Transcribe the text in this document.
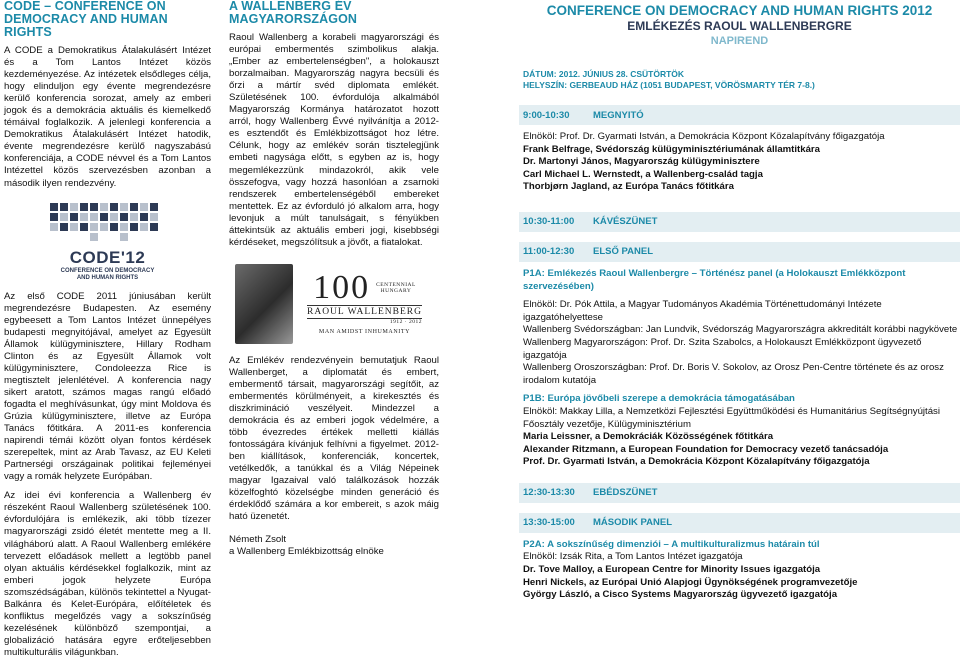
CODE – CONFERENCE ON
DEMOCRACY AND HUMAN RIGHTS

A CODE a Demokratikus Átalakulásért Intézet és a Tom Lantos Intézet közös kezdeményezése. Az intézetek elsődleges célja, hogy elinduljon egy évente megrendezésre kerülő konferencia sorozat, amely az emberi jogok és a demokrácia aktuális és kiemelkedő témáival foglalkozik. A jelenlegi konferencia a Demokratikus Átalakulásért Intézet hatodik, évente megrendezésre kerülő nagyszabású konferenciája, a CODE névvel és a Tom Lantos Intézettel közös szervezésben azonban a második ilyen rendezvény.

CODE'12
CONFERENCE ON DEMOCRACY
AND HUMAN RIGHTS

Az első CODE 2011 júniusában került megrendezésre Budapesten. Az esemény egybeesett a Tom Lantos Intézet ünnepélyes budapesti megnyitójával, amelyet az Egyesült Államok külügyminisztere, Hillary Rodham Clinton és az Egyesült Államok volt külügyminisztere, Condoleezza Rice is megtisztelt jelenlétével. A konferencia nagy sikert aratott, számos magas rangú előadó fogadta el meghívásunkat, úgy mint Moldova és Grúzia külügyminisztere, illetve az Európa Tanács főtitkára. A 2011-es konferencia napirendi témái között olyan fontos kérdések szerepeltek, mint az Arab Tavasz, az EU Keleti Partnerségi országainak politikai fejleményei vagy a romák helyzete Európában.

Az idei évi konferencia a Wallenberg év részeként Raoul Wallenberg születésének 100. évfordulójára is emlékezik, aki több tízezer magyarországi zsidó életét mentette meg a II. világháború alatt. A Raoul Wallenberg emlékére tervezett előadások mellett a legtöbb panel olyan aktuális kérdésekkel foglalkozik, mint az emberi jogok helyzete Európa szomszédságában, különös tekintettel a Nyugat-Balkánra és Kelet-Európára, előítéletek és konfliktus megelőzés vagy a sokszínűség kezelésének különböző szempontjai, a globalizáció hatására egyre erőteljesebben multikulturális világunkban.

A WALLENBERG ÉV
MAGYARORSZÁGON

Raoul Wallenberg a korabeli magyarországi és európai embermentés szimbolikus alakja. „Ember az embertelenségben", a holokauszt borzalmaiban. Magyarország nagyra becsüli és őrzi a mártír svéd diplomata emlékét. Születésének 100. évfordulója alkalmából Magyarország Kormánya határozatot hozott arról, hogy Wallenberg Évvé nyilvánítja a 2012-es esztendőt és Emlékbizottságot hoz létre. Célunk, hogy az emlékév során tisztelegjünk embeti nagysága előtt, s egyben az is, hogy megemlékezzünk mindazokról, akik vele összefogva, vagy hozzá hasonlóan a zsarnoki rendszerek embertelenségéből embereket mentettek. Ez az évforduló jó alkalom arra, hogy levonjuk a múlt tanulságait, s fényükben áttekintsük az aktuális emberi jogi, kisebbségi kérdéseket, megszólítsuk a jövőt, a fiatalokat.

100 CENTENNIAL
HUNGARY
RAOUL WALLENBERG
1912 · 2012
MAN AMIDST INHUMANITY

Az Emlékév rendezvényein bemutatjuk Raoul Wallenberget, a diplomatát és embert, embermentő társait, magyarországi segítőit, az embermentés körülményeit, a kirekesztés és diszkrimináció veszélyeit. Mindezzel a demokrácia és az emberi jogok védelmére, a több évezredes értékek melletti kiállás fontosságára kívánjuk felhívni a figyelmet. 2012-ben kiállítások, konferenciák, koncertek, vetélkedők, a tanúkkal és a Világ Népeinek magyar Igazaival való találkozások hozzák közelfoghtó közelségbe minden generáció és érdeklődő számára a kor embereit, s azok máig ható üzenetét.

Németh Zsolt

a Wallenberg Emlékbizottság elnöke

CONFERENCE ON DEMOCRACY AND HUMAN RIGHTS 2012
EMLÉKEZÉS RAOUL WALLENBERGRE
NAPIREND
DÁTUM: 2012. JÚNIUS 28. CSÜTÖRTÖK
HELYSZÍN: GERBEAUD HÁZ (1051 BUDAPEST, VÖRÖSMARTY TÉR 7-8.)
9:00-10:30	MEGNYITÓ
Elnököl: Prof. Dr. Gyarmati István, a Demokrácia Központ Közalapítvány főigazgatója
Frank Belfrage, Svédország külügyminisztériumának államtitkára
Dr. Martonyi János, Magyarország külügyminisztere
Carl Michael L. Wernstedt, a Wallenberg-család tagja
Thorbjørn Jagland, az Európa Tanács főtitkára
10:30-11:00	KÁVÉSZÜNET
11:00-12:30	ELSŐ PANEL
P1A: Emlékezés Raoul Wallenbergre – Történész panel (a Holokauszt Emlékközpont szervezésében)
Elnököl: Dr. Pók Attila, a Magyar Tudományos Akadémia Történettudományi Intézete igazgatóhelyettese
Wallenberg Svédországban: Jan Lundvik, Svédország Magyarországra akkreditált korábbi nagykövete
Wallenberg Magyarországon: Prof. Dr. Szita Szabolcs, a Holokauszt Emlékközpont ügyvezető igazgatója
Wallenberg Oroszországban: Prof. Dr. Boris V. Sokolov, az Orosz Pen-Centre története és az orosz irodalom kutatója
P1B: Európa jövőbeli szerepe a demokrácia támogatásában
Elnököl: Makkay Lilla, a Nemzetközi Fejlesztési Együttműködési és Humanitárius Segítségnyújtási Főosztály vezetője, Külügyminisztérium
Maria Leissner, a Demokráciák Közösségének főtitkára
Alexander Ritzmann, a European Foundation for Democracy vezető tanácsadója
Prof. Dr. Gyarmati István, a Demokrácia Központ Közalapítvány főigazgatója
12:30-13:30	EBÉDSZÜNET
13:30-15:00	MÁSODIK PANEL
P2A: A sokszínűség dimenziói – A multikulturalizmus határain túl
Elnököl: Izsák Rita, a Tom Lantos Intézet igazgatója
Dr. Tove Malloy, a European Centre for Minority Issues igazgatója
Henri Nickels, az Európai Unió Alapjogi Ügynökségének programvezetője
György László, a Cisco Systems Magyarország ügyvezető igazgatója
